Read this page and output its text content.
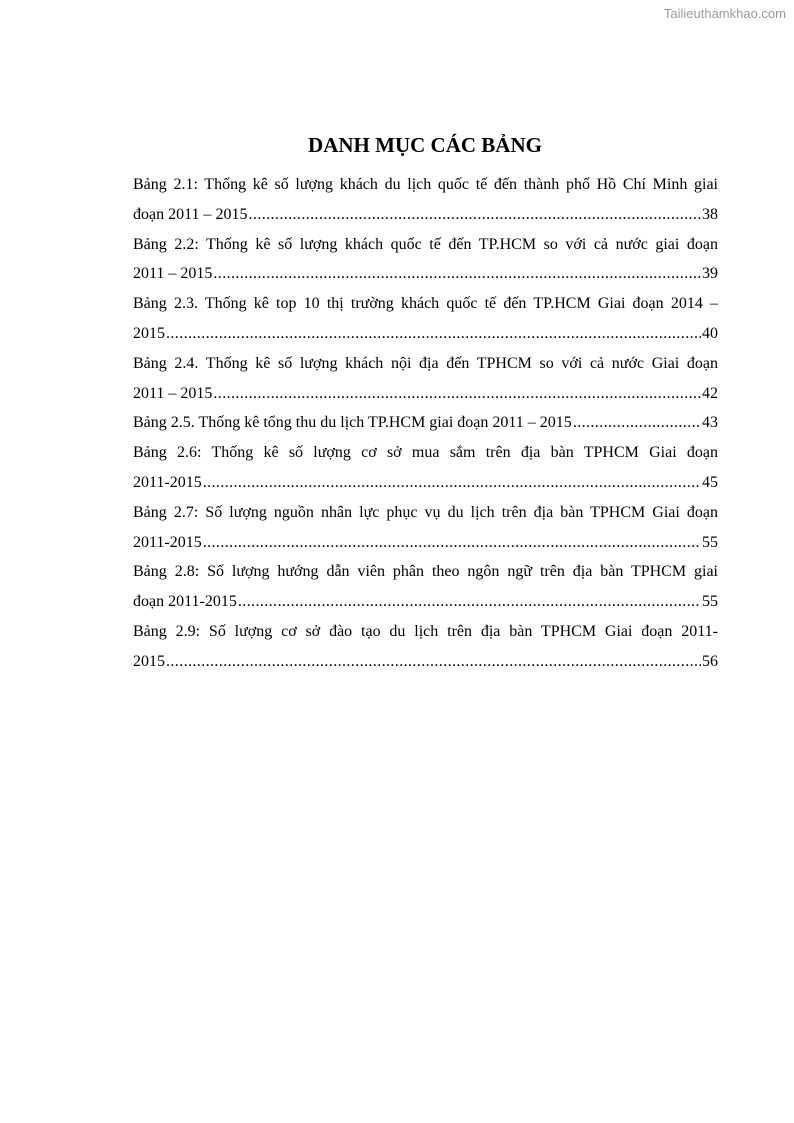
Tailieuthamkhao.com
DANH MỤC CÁC BẢNG
Bảng 2.1: Thống kê số lượng khách du lịch quốc tế đến thành phố Hồ Chí Minh giai
đoạn 2011 – 2015 .....	38
Bảng 2.2: Thống kê số lượng khách quốc tế đến TP.HCM so với cả nước giai đoạn
2011 – 2015 .....	39
Bảng 2.3. Thống kê top 10 thị trường khách quốc tế đến TP.HCM Giai đoạn 2014 –
2015 .....	40
Bảng 2.4. Thống kê số lượng khách nội địa đến TPHCM so với cả nước Giai đoạn
2011 – 2015 .....	42
Bảng 2.5. Thống kê tổng thu du lịch TP.HCM giai đoạn 2011 – 2015 .....	43
Bảng 2.6: Thống kê số lượng cơ sở mua sắm trên địa bàn TPHCM Giai đoạn
2011-2015 .....	45
Bảng 2.7: Số lượng nguồn nhân lực phục vụ du lịch trên địa bàn TPHCM Giai đoạn
2011-2015 .....	55
Bảng 2.8: Số lượng hướng dẫn viên phân theo ngôn ngữ trên địa bàn TPHCM giai
đoạn 2011-2015 .....	55
Bảng 2.9: Số lượng cơ sở đào tạo du lịch trên địa bàn TPHCM Giai đoạn 2011-
2015 .....	56
